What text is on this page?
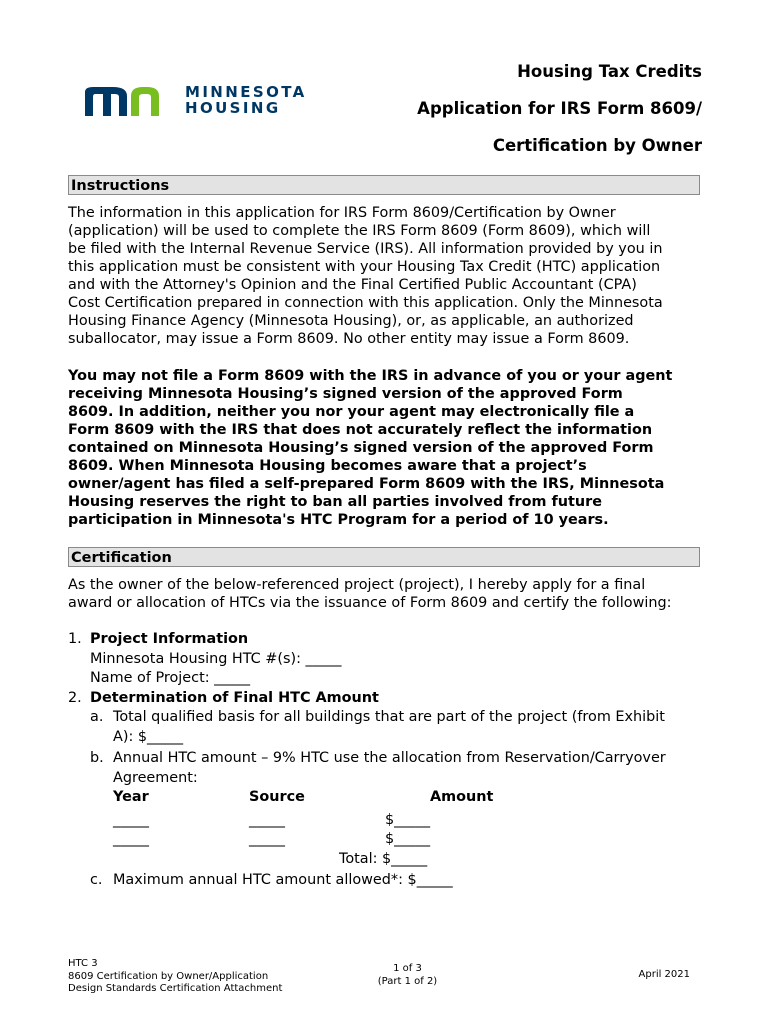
MINNESOTA
HOUSING
Housing Tax Credits
Application for IRS Form 8609/
Certification by Owner
Instructions
The information in this application for IRS Form 8609/Certification by Owner
(application) will be used to complete the IRS Form 8609 (Form 8609), which will
be filed with the Internal Revenue Service (IRS). All information provided by you in
this application must be consistent with your Housing Tax Credit (HTC) application
and with the Attorney's Opinion and the Final Certified Public Accountant (CPA)
Cost Certification prepared in connection with this application. Only the Minnesota
Housing Finance Agency (Minnesota Housing), or, as applicable, an authorized
suballocator, may issue a Form 8609. No other entity may issue a Form 8609.
You may not file a Form 8609 with the IRS in advance of you or your agent
receiving Minnesota Housing’s signed version of the approved Form
8609. In addition, neither you nor your agent may electronically file a
Form 8609 with the IRS that does not accurately reflect the information
contained on Minnesota Housing’s signed version of the approved Form
8609. When Minnesota Housing becomes aware that a project’s
owner/agent has filed a self-prepared Form 8609 with the IRS, Minnesota
Housing reserves the right to ban all parties involved from future
participation in Minnesota's HTC Program for a period of 10 years.
Certification
As the owner of the below-referenced project (project), I hereby apply for a final
award or allocation of HTCs via the issuance of Form 8609 and certify the following:
1. Project Information
Minnesota Housing HTC #(s): _____
Name of Project: _____
2. Determination of Final HTC Amount
a. Total qualified basis for all buildings that are part of the project (from Exhibit
A): $_____
b. Annual HTC amount – 9% HTC use the allocation from Reservation/Carryover
Agreement:
Year	Source	Amount
_____	_____	$_____
_____	_____	$_____
Total: $_____
c. Maximum annual HTC amount allowed*: $_____
HTC 3
8609 Certification by Owner/Application
Design Standards Certification Attachment
1 of 3
(Part 1 of 2)
April 2021
